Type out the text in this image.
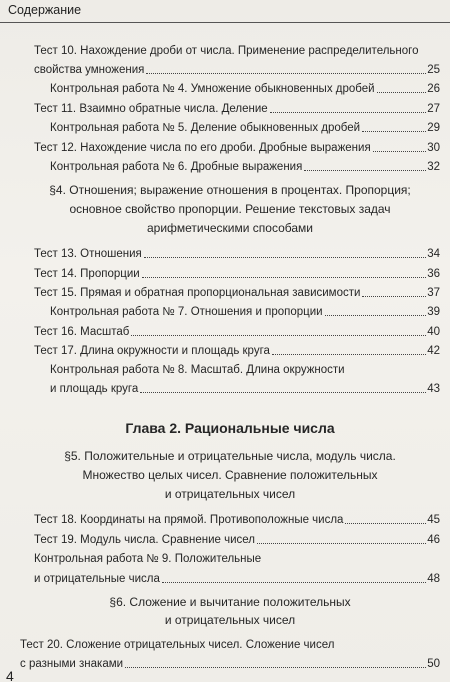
Содержание
Тест 10. Нахождение дроби от числа. Применение распределительного
свойства умножения	25
Контрольная работа № 4. Умножение обыкновенных дробей	26
Тест 11. Взаимно обратные числа. Деление	27
Контрольная работа № 5. Деление обыкновенных дробей	29
Тест 12. Нахождение числа по его дроби. Дробные выражения	30
Контрольная работа № 6. Дробные выражения	32
§4. Отношения; выражение отношения в процентах. Пропорция;
основное свойство пропорции. Решение текстовых задач
арифметическими способами
Тест 13. Отношения	34
Тест 14. Пропорции	36
Тест 15. Прямая и обратная пропорциональная зависимости	37
Контрольная работа № 7. Отношения и пропорции	39
Тест 16. Масштаб	40
Тест 17. Длина окружности и площадь круга	42
Контрольная работа № 8. Масштаб. Длина окружности
и площадь круга	43
Глава 2. Рациональные числа
§5. Положительные и отрицательные числа, модуль числа.
Множество целых чисел. Сравнение положительных
и отрицательных чисел
Тест 18. Координаты на прямой. Противоположные числа	45
Тест 19. Модуль числа. Сравнение чисел	46
Контрольная работа № 9. Положительные
и отрицательные числа	48
§6. Сложение и вычитание положительных
и отрицательных чисел
Тест 20. Сложение отрицательных чисел. Сложение чисел
с разными знаками	50
4
